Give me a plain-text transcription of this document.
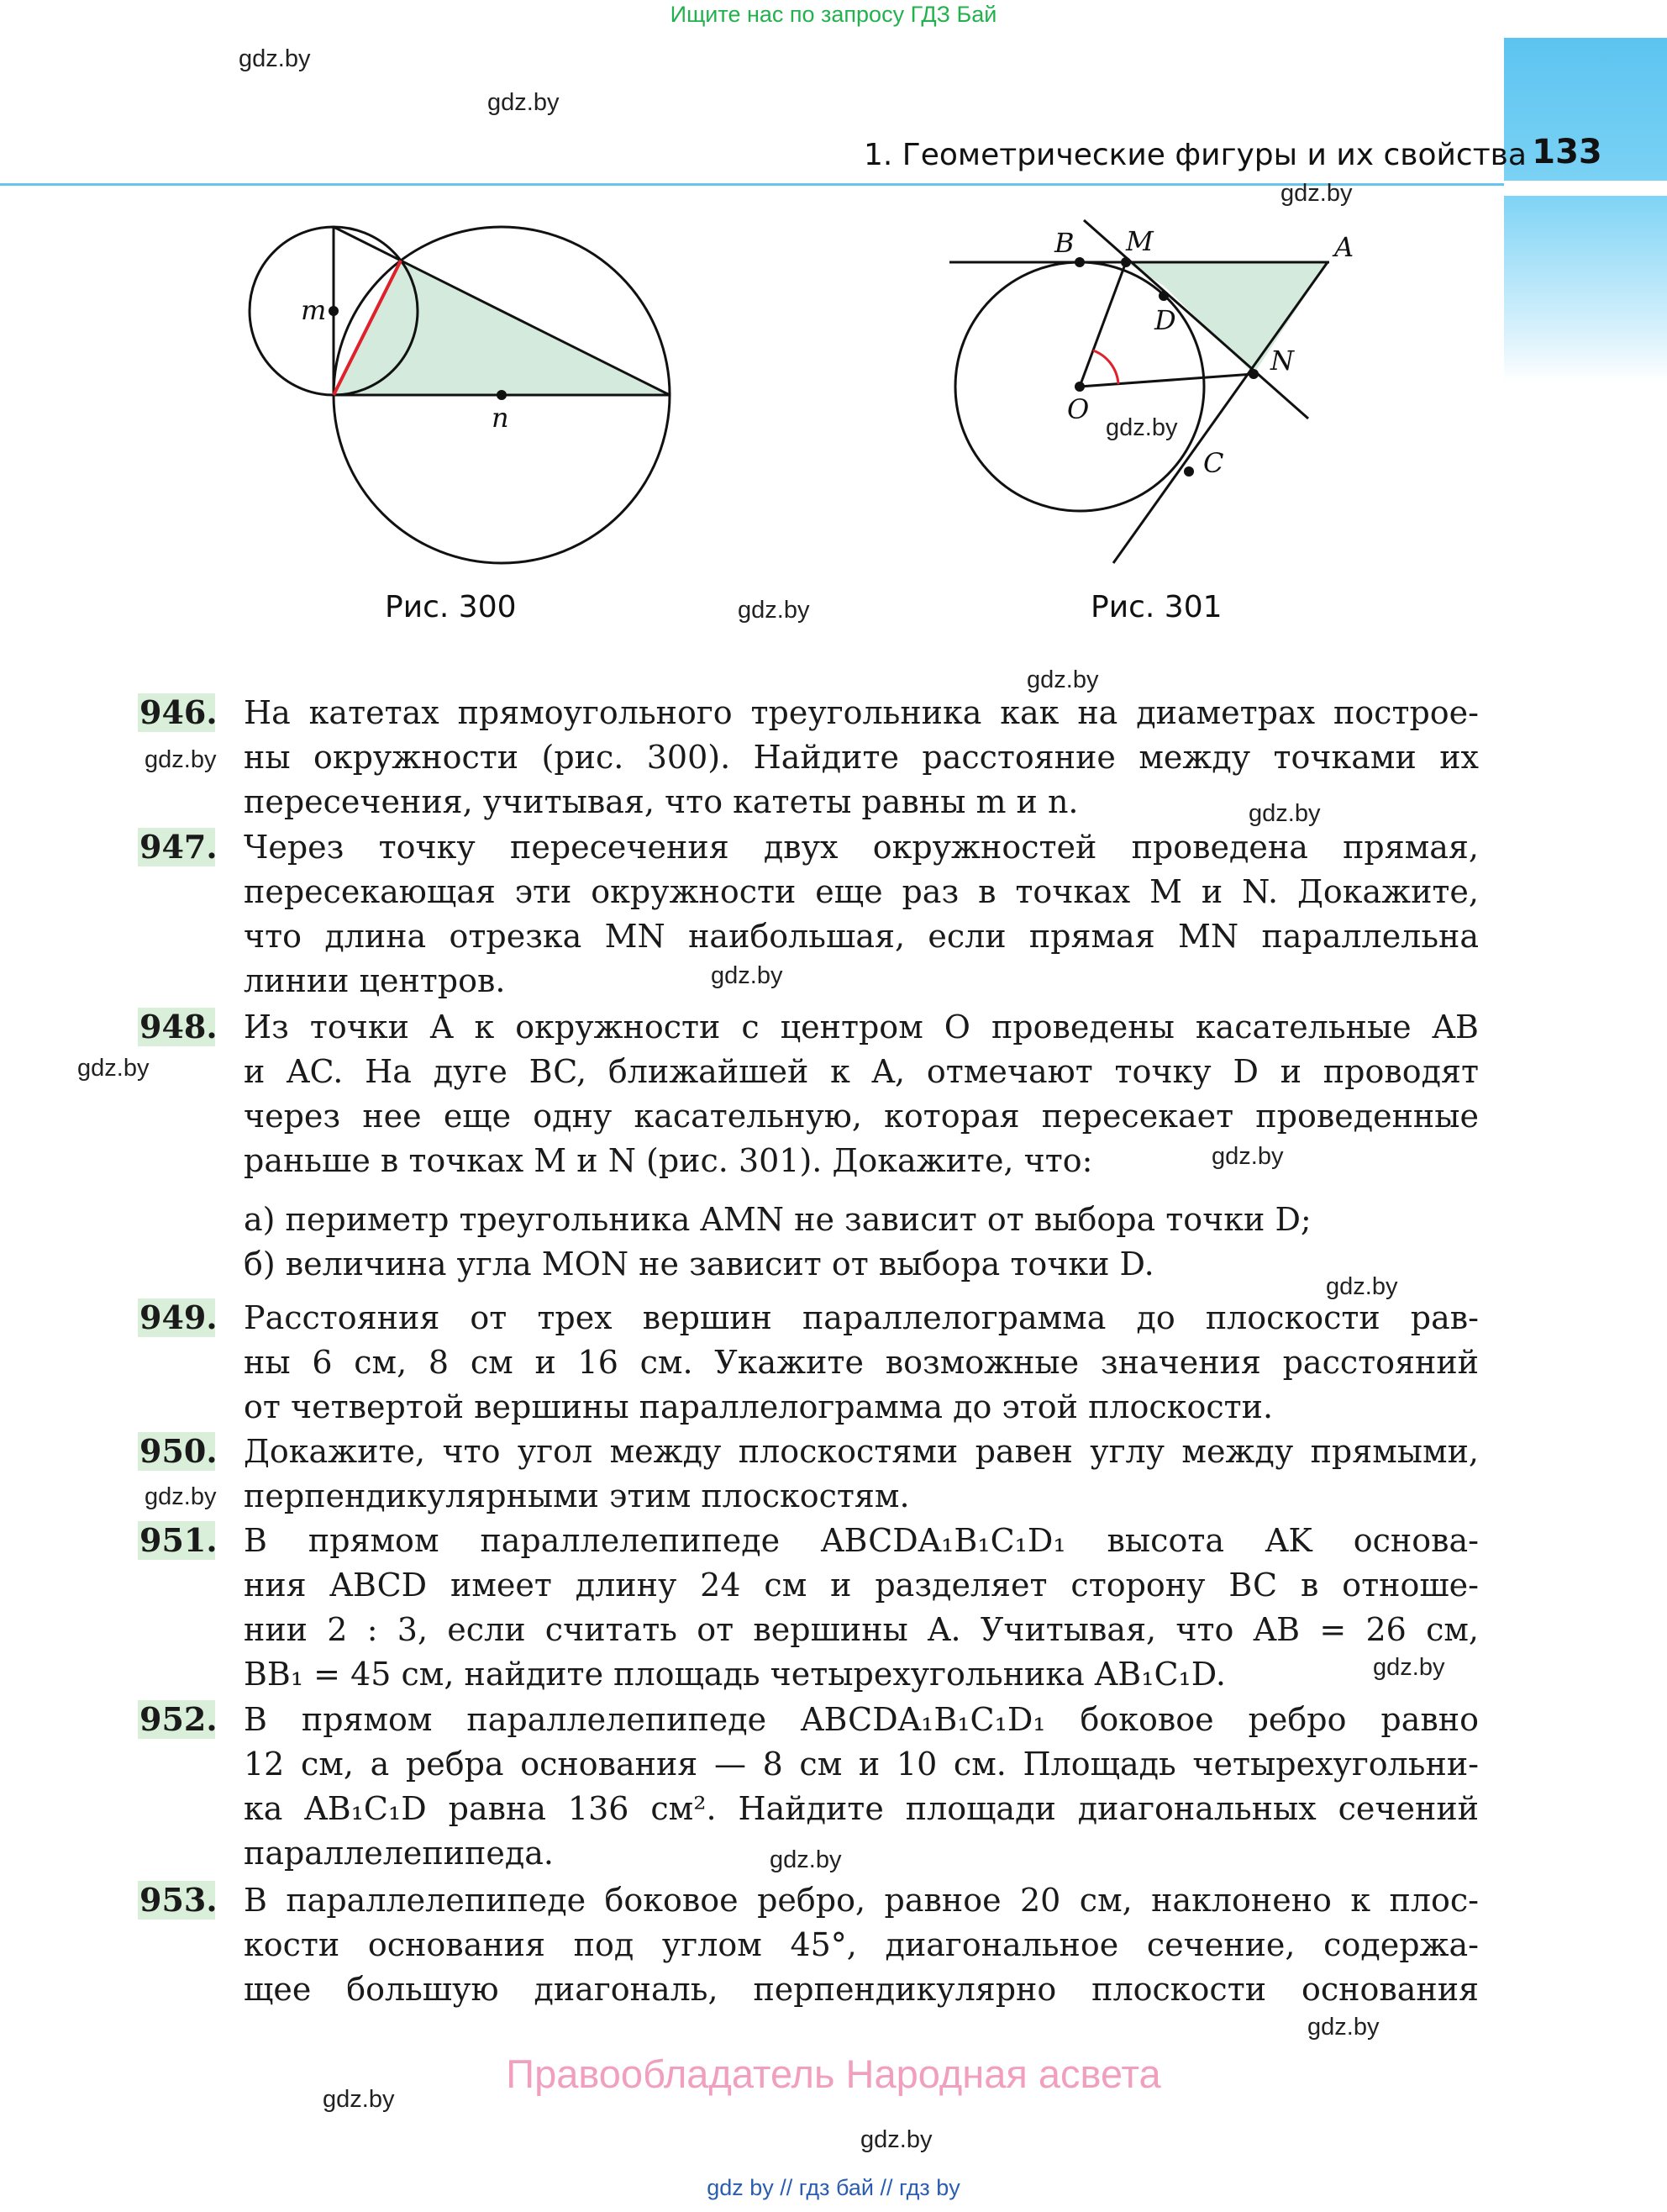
Ищите нас по запросу ГДЗ Бай
133
1. Геометрические фигуры и их свойства
m
n
Рис. 300
B M	A
D
N
O
C
Рис. 301
946. На катетах прямоугольного треугольника как на диаметрах построе-
ны окружности (рис. 300). Найдите расстояние между точками их
пересечения, учитывая, что катеты равны m и n.
947. Через точку пересечения двух окружностей проведена прямая,
пересекающая эти окружности еще раз в точках M и N. Докажите,
что длина отрезка MN наибольшая, если прямая MN параллельна
линии центров.
948. Из точки A к окружности с центром O проведены касательные AB
и AC. На дуге BC, ближайшей к A, отмечают точку D и проводят
через нее еще одну касательную, которая пересекает проведенные
раньше в точках M и N (рис. 301). Докажите, что:
а) периметр треугольника AMN не зависит от выбора точки D;
б) величина угла MON не зависит от выбора точки D.
949. Расстояния от трех вершин параллелограмма до плоскости рав-
ны 6 см, 8 см и 16 см. Укажите возможные значения расстояний
от четвертой вершины параллелограмма до этой плоскости.
950. Докажите, что угол между плоскостями равен углу между прямыми,
перпендикулярными этим плоскостям.
951. В прямом параллелепипеде ABCDA₁B₁C₁D₁ высота AK основа-
ния ABCD имеет длину 24 см и разделяет сторону BC в отноше-
нии 2 : 3, если считать от вершины A. Учитывая, что AB = 26 см,
BB₁ = 45 см, найдите площадь четырехугольника AB₁C₁D.
952. В прямом параллелепипеде ABCDA₁B₁C₁D₁ боковое ребро равно
12 см, а ребра основания — 8 см и 10 см. Площадь четырехугольни-
ка AB₁C₁D равна 136 см². Найдите площади диагональных сечений
параллелепипеда.
953. В параллелепипеде боковое ребро, равное 20 см, наклонено к плос-
кости основания под углом 45°, диагональное сечение, содержа-
щее большую диагональ, перпендикулярно плоскости основания
gdz.by
gdz.by
gdz.by
gdz.by
gdz.by
gdz.by
gdz.by
gdz.by
gdz.by
gdz.by
gdz.by
gdz.by
gdz.by
gdz.by
gdz.by
gdz.by
gdz.by
gdz.by
Правообладатель Народная асвета
gdz by // гдз бай // гдз by
